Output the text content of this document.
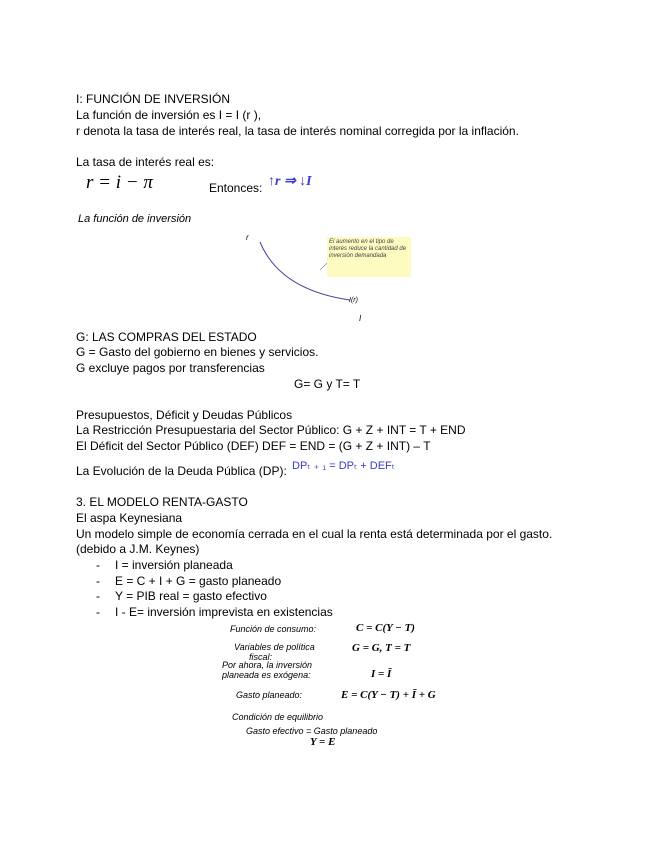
I: FUNCIÓN DE INVERSIÓN
La función de inversión es I = I (r ),
r denota la tasa de interés real, la tasa de interés nominal corregida por la inflación.
La tasa de interés real es:
r = i − π	Entonces: ↑r ⇒ ↓I
La función de inversión
r
I
I(r)
El aumento en el tipo de interés reduce la cantidad de inversión demandada
G: LAS COMPRAS DEL ESTADO
G = Gasto del gobierno en bienes y servicios.
G excluye pagos por transferencias
G= G y T= T
Presupuestos, Déficit y Deudas Públicos
La Restricción Presupuestaria del Sector Público: G + Z + INT = T + END
El Déficit del Sector Público (DEF) DEF = END = (G + Z + INT) – T
La Evolución de la Deuda Pública (DP): DPₜ ₊ ₁ = DPₜ + DEFₜ
3. EL MODELO RENTA-GASTO
El aspa Keynesiana
Un modelo simple de economía cerrada en el cual la renta está determinada por el gasto.
(debido a J.M. Keynes)
-
-
-
-
I = inversión planeada
E = C + I + G = gasto planeado
Y = PIB real = gasto efectivo
I - E= inversión imprevista en existencias
Función de consumo:	C = C(Y − T)
Variables de política
fiscal:
G = G, T = T
Por ahora, la inversión
planeada es exógena:	I = Ī
Gasto planeado:	E = C(Y − T) + Ī + G
Condición de equilibrio
Gasto efectivo = Gasto planeado
Y = E
